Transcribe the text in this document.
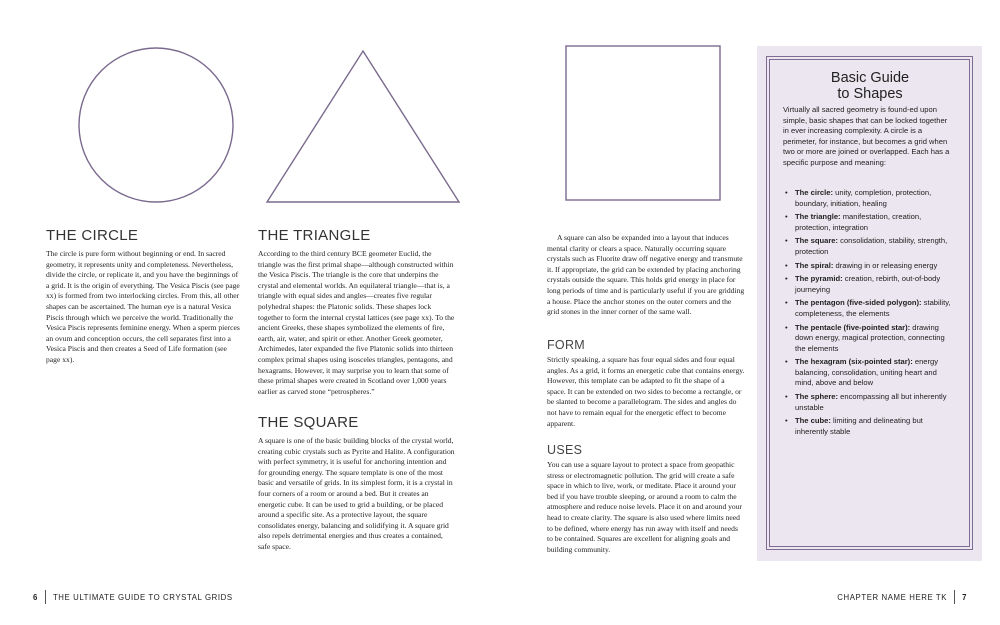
THE CIRCLE

The circle is pure form without beginning or end. In sacred geometry, it represents unity and completeness. Nevertheless, divide the circle, or replicate it, and you have the beginnings of a grid. It is the origin of everything. The Vesica Piscis (see page xx) is formed from two interlocking circles. From this, all other shapes can be ascertained. The human eye is a natural Vesica Piscis through which we perceive the world. Traditionally the Vesica Piscis represents feminine energy. When a sperm pierces an ovum and conception occurs, the cell separates first into a Vesica Piscis and then creates a Seed of Life formation (see page xx).

THE TRIANGLE

According to the third century BCE geometer Euclid, the triangle was the first primal shape—although constructed within the Vesica Piscis. The triangle is the core that underpins the crystal and elemental worlds. An equilateral triangle—that is, a triangle with equal sides and angles—creates five regular polyhedral shapes: the Platonic solids. These shapes lock together to form the internal crystal lattices (see page xx). To the ancient Greeks, these shapes symbolized the elements of fire, earth, air, water, and spirit or ether. Another Greek geometer, Archimedes, later expanded the five Platonic solids into thirteen complex primal shapes using isosceles triangles, pentagons, and hexagrams. However, it may surprise you to learn that some of these primal shapes were created in Scotland over 1,000 years earlier as carved stone “petrospheres.”

THE SQUARE

A square is one of the basic building blocks of the crystal world, creating cubic crystals such as Pyrite and Halite. A configuration with perfect symmetry, it is useful for anchoring intention and for grounding energy. The square template is one of the most basic and versatile of grids. In its simplest form, it is a crystal in four corners of a room or around a bed. But it creates an energetic cube. It can be used to grid a building, or be placed around a specific site. As a protective layout, the square consolidates energy, balancing and solidifying it. A square grid also repels detrimental energies and thus creates a contained, safe space.

A square can also be expanded into a layout that induces mental clarity or clears a space. Naturally occurring square crystals such as Fluorite draw off negative energy and transmute it. If appropriate, the grid can be extended by placing anchoring crystals outside the square. This holds grid energy in place for long periods of time and is particularly useful if you are gridding a house. Place the anchor stones on the outer corners and the grid stones in the inner corner of the same wall.

FORM

Strictly speaking, a square has four equal sides and four equal angles. As a grid, it forms an energetic cube that contains energy. However, this template can be adapted to fit the shape of a space. It can be extended on two sides to become a rectangle, or be slanted to become a parallelogram. The sides and angles do not have to remain equal for the energetic effect to become apparent.

USES

You can use a square layout to protect a space from geopathic stress or electromagnetic pollution. The grid will create a safe space in which to live, work, or meditate. Place it around your bed if you have trouble sleeping, or around a room to calm the atmosphere and reduce noise levels. Place it on and around your head to create clarity. The square is also used where limits need to be defined, where energy has run away with itself and needs to be contained. Squares are excellent for aligning goals and building community.

Basic Guide
to Shapes

Virtually all sacred geometry is found-ed upon simple, basic shapes that can be locked together in ever increasing complexity. A circle is a perimeter, for instance, but becomes a grid when two or more are joined or overlapped. Each has a specific purpose and meaning:

• The circle: unity, completion, protection, boundary, initiation, healing
• The triangle: manifestation, creation, protection, integration
• The square: consolidation, stability, strength, protection
• The spiral: drawing in or releasing energy
• The pyramid: creation, rebirth, out-of-body journeying
• The pentagon (five-sided polygon): stability, completeness, the elements
• The pentacle (five-pointed star): drawing down energy, magical protection, connecting the elements
• The hexagram (six-pointed star): energy balancing, consolidation, uniting heart and mind, above and below
• The sphere: encompassing all but inherently unstable
• The cube: limiting and delineating but inherently stable
6 THE ULTIMATE GUIDE TO CRYSTAL GRIDS	CHAPTER NAME HERE TK 7
